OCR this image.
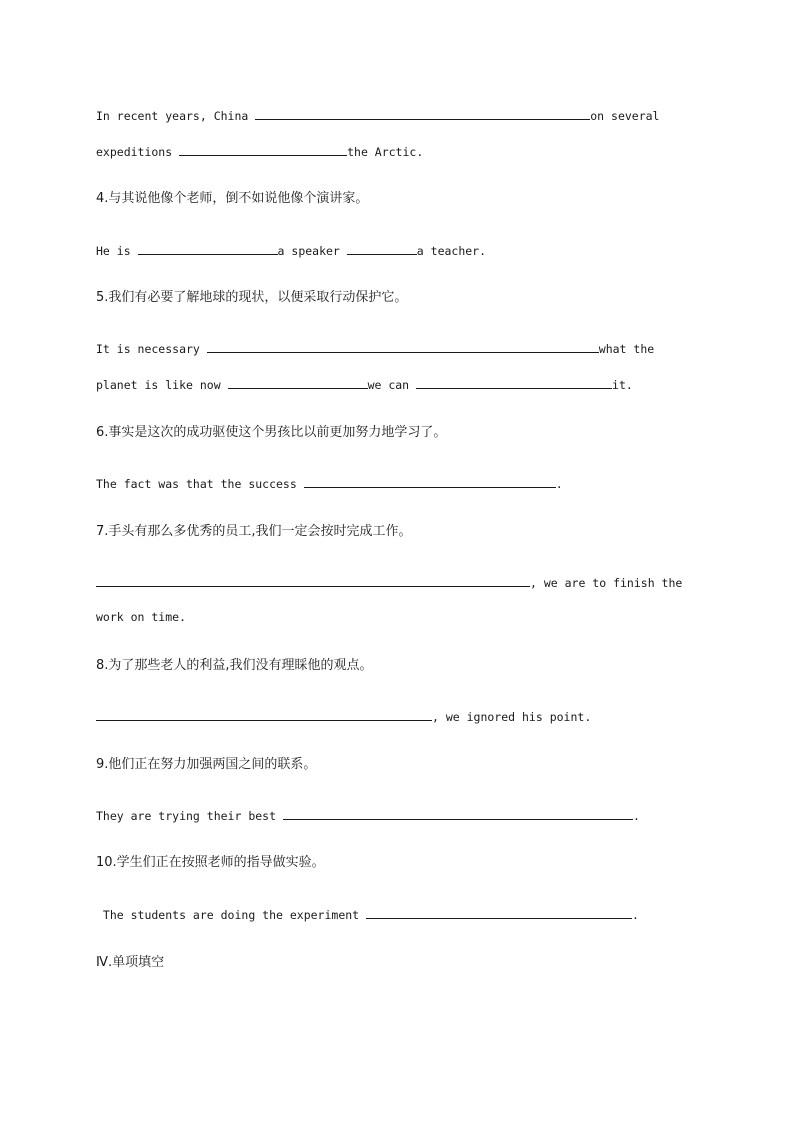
In recent years, China	on several
expeditions	the Arctic.
4.与其说他像个老师，倒不如说他像个演讲家。
He is	a speaker	a teacher.
5.我们有必要了解地球的现状，以便采取行动保护它。
It is necessary	what the
planet is like now	we can	it.
6.事实是这次的成功驱使这个男孩比以前更加努力地学习了。
The fact was that the success	.
7.手头有那么多优秀的员工,我们一定会按时完成工作。
, we are to finish the
work on time.
8.为了那些老人的利益,我们没有理睬他的观点。
, we ignored his point.
9.他们正在努力加强两国之间的联系。
They are trying their best	.
10.学生们正在按照老师的指导做实验。
The students are doing the experiment	.
Ⅳ.单项填空
